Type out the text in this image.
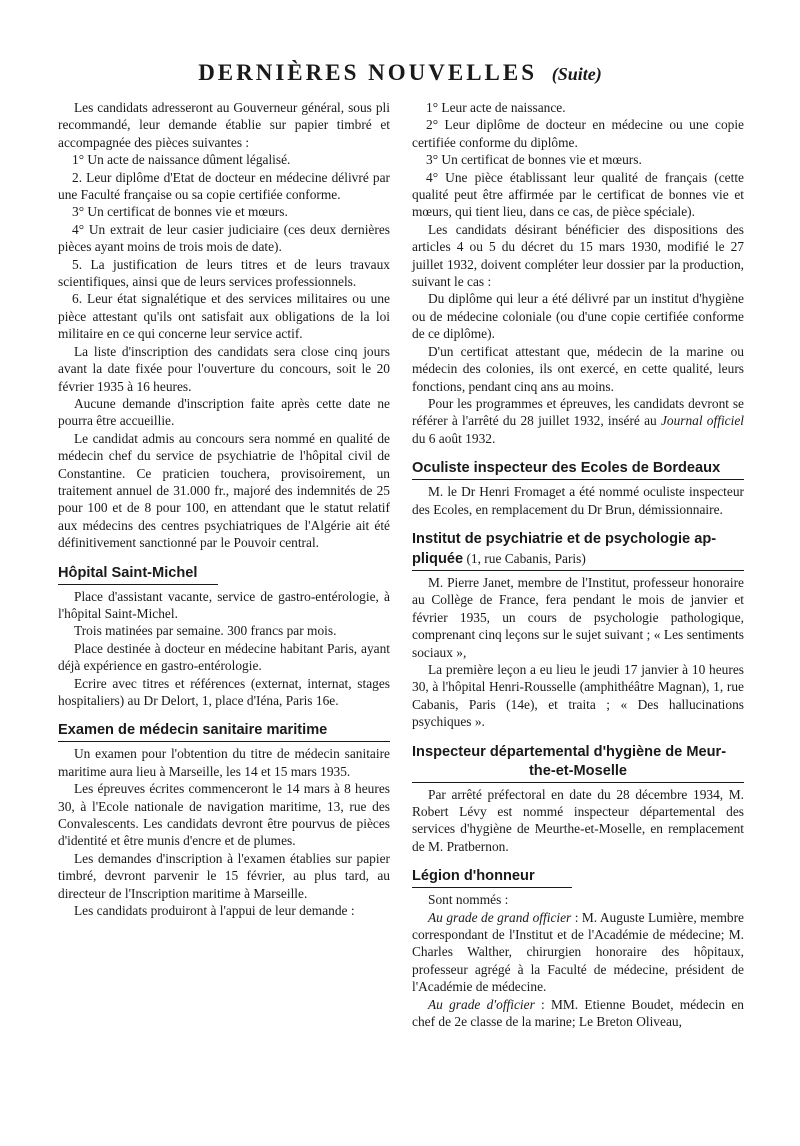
DERNIÈRES NOUVELLES (Suite)

Les candidats adresseront au Gouverneur général, sous pli recommandé, leur demande établie sur papier timbré et accompagnée des pièces suivantes :

1° Un acte de naissance dûment légalisé.

2. Leur diplôme d'Etat de docteur en médecine délivré par une Faculté française ou sa copie certifiée conforme.

3° Un certificat de bonnes vie et mœurs.

4° Un extrait de leur casier judiciaire (ces deux dernières pièces ayant moins de trois mois de date).

5. La justification de leurs titres et de leurs travaux scientifiques, ainsi que de leurs services professionnels.

6. Leur état signalétique et des services militaires ou une pièce attestant qu'ils ont satisfait aux obligations de la loi militaire en ce qui concerne leur service actif.

La liste d'inscription des candidats sera close cinq jours avant la date fixée pour l'ouverture du concours, soit le 20 février 1935 à 16 heures.

Aucune demande d'inscription faite après cette date ne pourra être accueillie.

Le candidat admis au concours sera nommé en qualité de médecin chef du service de psychiatrie de l'hôpital civil de Constantine. Ce praticien touchera, provisoirement, un traitement annuel de 31.000 fr., majoré des indemnités de 25 pour 100 et de 8 pour 100, en attendant que le statut relatif aux médecins des centres psychiatriques de l'Algérie ait été définitivement sanctionné par le Pouvoir central.

Hôpital Saint-Michel

Place d'assistant vacante, service de gastro-entérologie, à l'hôpital Saint-Michel.

Trois matinées par semaine. 300 francs par mois.

Place destinée à docteur en médecine habitant Paris, ayant déjà expérience en gastro-entérologie.

Ecrire avec titres et références (externat, internat, stages hospitaliers) au Dr Delort, 1, place d'Iéna, Paris 16e.

Examen de médecin sanitaire maritime

Un examen pour l'obtention du titre de médecin sanitaire maritime aura lieu à Marseille, les 14 et 15 mars 1935.

Les épreuves écrites commenceront le 14 mars à 8 heures 30, à l'Ecole nationale de navigation maritime, 13, rue des Convalescents. Les candidats devront être pourvus de pièces d'identité et être munis d'encre et de plumes.

Les demandes d'inscription à l'examen établies sur papier timbré, devront parvenir le 15 février, au plus tard, au directeur de l'Inscription maritime à Marseille.

Les candidats produiront à l'appui de leur demande :

1° Leur acte de naissance.

2° Leur diplôme de docteur en médecine ou une copie certifiée conforme du diplôme.

3° Un certificat de bonnes vie et mœurs.

4° Une pièce établissant leur qualité de français (cette qualité peut être affirmée par le certificat de bonnes vie et mœurs, qui tient lieu, dans ce cas, de pièce spéciale).

Les candidats désirant bénéficier des dispositions des articles 4 ou 5 du décret du 15 mars 1930, modifié le 27 juillet 1932, doivent compléter leur dossier par la production, suivant le cas :

Du diplôme qui leur a été délivré par un institut d'hygiène ou de médecine coloniale (ou d'une copie certifiée conforme de ce diplôme).

D'un certificat attestant que, médecin de la marine ou médecin des colonies, ils ont exercé, en cette qualité, leurs fonctions, pendant cinq ans au moins.

Pour les programmes et épreuves, les candidats devront se référer à l'arrêté du 28 juillet 1932, inséré au Journal officiel du 6 août 1932.

Oculiste inspecteur des Ecoles de Bordeaux

M. le Dr Henri Fromaget a été nommé oculiste inspecteur des Ecoles, en remplacement du Dr Brun, démissionnaire.

Institut de psychiatrie et de psychologie ap-
pliquée (1, rue Cabanis, Paris)

M. Pierre Janet, membre de l'Institut, professeur honoraire au Collège de France, fera pendant le mois de janvier et février 1935, un cours de psychologie pathologique, comprenant cinq leçons sur le sujet suivant ; « Les sentiments sociaux »,

La première leçon a eu lieu le jeudi 17 janvier à 10 heures 30, à l'hôpital Henri-Rousselle (amphithéâtre Magnan), 1, rue Cabanis, Paris (14e), et traita ; « Des hallucinations psychiques ».

Inspecteur départemental d'hygiène de Meur-

the-et-Moselle

Par arrêté préfectoral en date du 28 décembre 1934, M. Robert Lévy est nommé inspecteur départemental des services d'hygiène de Meurthe-et-Moselle, en remplacement de M. Pratbernon.

Légion d'honneur

Sont nommés :

Au grade de grand officier : M. Auguste Lumière, membre correspondant de l'Institut et de l'Académie de médecine; M. Charles Walther, chirurgien honoraire des hôpitaux, professeur agrégé à la Faculté de médecine, président de l'Académie de médecine.

Au grade d'officier : MM. Etienne Boudet, médecin en chef de 2e classe de la marine; Le Breton Oliveau,
